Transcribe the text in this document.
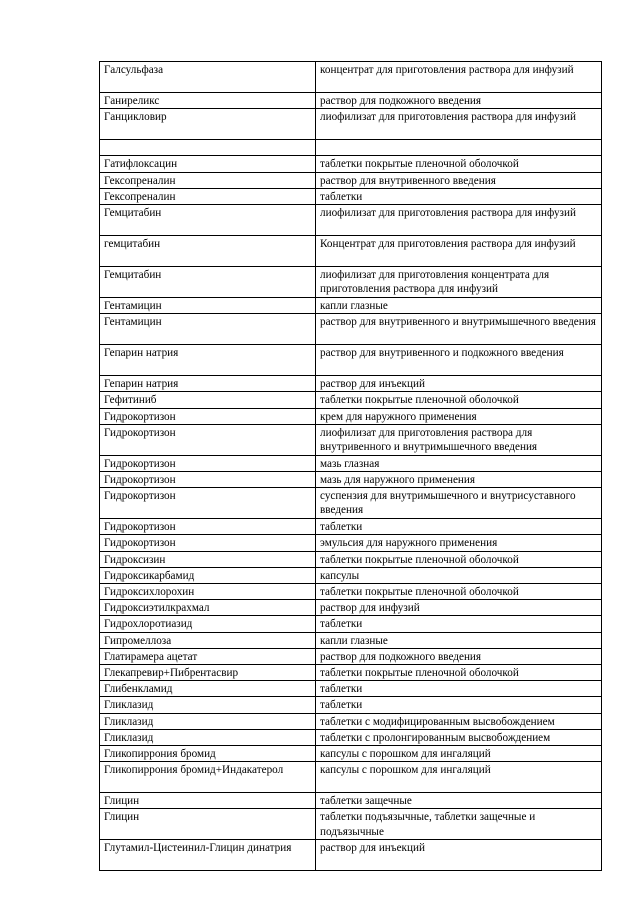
Галсульфаза	концентрат для приготовления раствора для инфузий
Ганиреликс	раствор для подкожного введения
Ганцикловир	лиофилизат для приготовления раствора для инфузий

Гатифлоксацин	таблетки покрытые пленочной оболочкой
Гексопреналин	раствор для внутривенного введения
Гексопреналин	таблетки
Гемцитабин	лиофилизат для приготовления раствора для инфузий
гемцитабин	Концентрат для приготовления раствора для инфузий
Гемцитабин	лиофилизат для приготовления концентрата для приготовления раствора для инфузий
Гентамицин	капли глазные
Гентамицин	раствор для внутривенного и внутримышечного введения
Гепарин натрия	раствор для внутривенного и подкожного введения
Гепарин натрия	раствор для инъекций
Гефитиниб	таблетки покрытые пленочной оболочкой
Гидрокортизон	крем для наружного применения
Гидрокортизон	лиофилизат для приготовления раствора для внутривенного и внутримышечного введения
Гидрокортизон	мазь глазная
Гидрокортизон	мазь для наружного применения
Гидрокортизон	суспензия для внутримышечного и внутрисуставного введения
Гидрокортизон	таблетки
Гидрокортизон	эмульсия для наружного применения
Гидроксизин	таблетки покрытые пленочной оболочкой
Гидроксикарбамид	капсулы
Гидроксихлорохин	таблетки покрытые пленочной оболочкой
Гидроксиэтилкрахмал	раствор для инфузий
Гидрохлоротиазид	таблетки
Гипромеллоза	капли глазные
Глатирамера ацетат	раствор для подкожного введения
Глекапревир+Пибрентасвир	таблетки покрытые пленочной оболочкой
Глибенкламид	таблетки
Гликлазид	таблетки
Гликлазид	таблетки с модифицированным высвобождением
Гликлазид	таблетки с пролонгированным высвобождением
Гликопиррония бромид	капсулы с порошком для ингаляций
Гликопиррония бромид+Индакатерол	капсулы с порошком для ингаляций
Глицин	таблетки защечные
Глицин	таблетки подъязычные, таблетки защечные и подъязычные
Глутамил-Цистеинил-Глицин динатрия	раствор для инъекций
